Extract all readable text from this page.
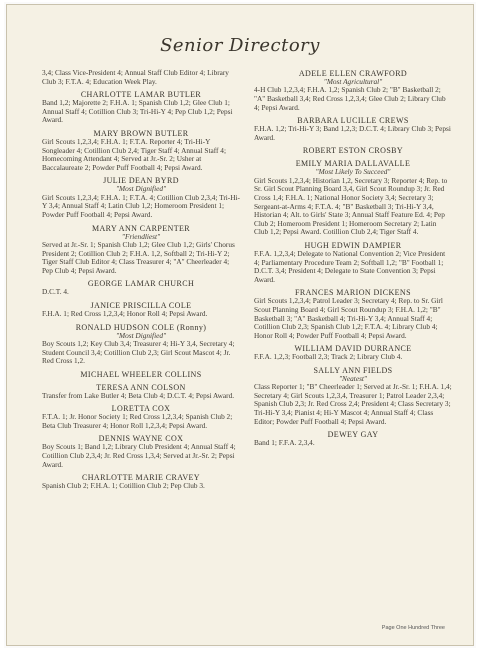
Senior Directory
3,4; Class Vice-President 4; Annual Staff Club Editor 4; Library Club 3; F.T.A. 4; Education Week Play.
CHARLOTTE LAMAR BUTLER
Band 1,2; Majorette 2; F.H.A. 1; Spanish Club 1,2; Glee Club 1; Annual Staff 4; Cotillion Club 3; Tri-Hi-Y 4; Pep Club 1,2; Pepsi Award.
MARY BROWN BUTLER
Girl Scouts 1,2,3,4; F.H.A. 1; F.T.A. Reporter 4; Tri-Hi-Y Songleader 4; Cotillion Club 2,4; Tiger Staff 4; Annual Staff 4; Homecoming Attendant 4; Served at Jr.-Sr. 2; Usher at Baccalaureate 2; Powder Puff Football 4; Pepsi Award.
JULIE DEAN BYRD
"Most Dignified"
Girl Scouts 1,2,3,4; F.H.A. 1; F.T.A. 4; Cotillion Club 2,3,4; Tri-Hi-Y 3,4; Annual Staff 4; Latin Club 1,2; Homeroom President 1; Powder Puff Football 4; Pepsi Award.
MARY ANN CARPENTER
"Friendliest"
Served at Jr.-Sr. 1; Spanish Club 1,2; Glee Club 1,2; Girls' Chorus President 2; Cotillion Club 2; F.H.A. 1,2, Softball 2; Tri-Hi-Y 2; Tiger Staff Club Editor 4; Class Treasurer 4; "A" Cheerleader 4; Pep Club 4; Pepsi Award.
GEORGE LAMAR CHURCH
D.C.T. 4.
JANICE PRISCILLA COLE
F.H.A. 1; Red Cross 1,2,3,4; Honor Roll 4; Pepsi Award.
RONALD HUDSON COLE (Ronny)
"Most Dignified"
Boy Scouts 1,2; Key Club 3,4; Treasurer 4; Hi-Y 3,4, Secretary 4; Student Council 3,4; Cotillion Club 2,3; Girl Scout Mascot 4; Jr. Red Cross 1,2.
MICHAEL WHEELER COLLINS
TERESA ANN COLSON
Transfer from Lake Butler 4; Beta Club 4; D.C.T. 4; Pepsi Award.
LORETTA COX
F.T.A. 1; Jr. Honor Society 1; Red Cross 1,2,3,4; Spanish Club 2; Beta Club Treasurer 4; Honor Roll 1,2,3,4; Pepsi Award.
DENNIS WAYNE COX
Boy Scouts 1; Band 1,2; Library Club President 4; Annual Staff 4; Cotillion Club 2,3,4; Jr. Red Cross 1,3,4; Served at Jr.-Sr. 2; Pepsi Award.
CHARLOTTE MARIE CRAVEY
Spanish Club 2; F.H.A. 1; Cotillion Club 2; Pep Club 3.
ADELE ELLEN CRAWFORD
"Most Agricultural"
4-H Club 1,2,3,4; F.H.A. 1,2; Spanish Club 2; "B" Basketball 2; "A" Basketball 3,4; Red Cross 1,2,3,4; Glee Club 2; Library Club 4; Pepsi Award.
BARBARA LUCILLE CREWS
F.H.A. 1,2; Tri-Hi-Y 3; Band 1,2,3; D.C.T. 4; Library Club 3; Pepsi Award.
ROBERT ESTON CROSBY
EMILY MARIA DALLAVALLE
"Most Likely To Succeed"
Girl Scouts 1,2,3,4; Historian 1,2, Secretary 3; Reporter 4; Rep. to Sr. Girl Scout Planning Board 3,4, Girl Scout Roundup 3; Jr. Red Cross 1,4; F.H.A. 1; National Honor Society 3,4; Secretary 3; Sergeant-at-Arms 4; F.T.A. 4; "B" Basketball 3; Tri-Hi-Y 3,4, Historian 4; Alt. to Girls' State 3; Annual Staff Feature Ed. 4; Pep Club 2; Homeroom President 1; Homeroom Secretary 2; Latin Club 1,2; Pepsi Award. Cotillion Club 2,4; Tiger Staff 4.
HUGH EDWIN DAMPIER
F.F.A. 1,2,3,4; Delegate to National Convention 2; Vice President 4; Parliamentary Procedure Team 2; Softball 1,2; "B" Football 1; D.C.T. 3,4; President 4; Delegate to State Convention 3; Pepsi Award.
FRANCES MARION DICKENS
Girl Scouts 1,2,3,4; Patrol Leader 3; Secretary 4; Rep. to Sr. Girl Scout Planning Board 4; Girl Scout Roundup 3; F.H.A. 1,2; "B" Basketball 3; "A" Basketball 4; Tri-Hi-Y 3,4; Annual Staff 4; Cotillion Club 2,3; Spanish Club 1,2; F.T.A. 4; Library Club 4; Honor Roll 4; Powder Puff Football 4; Pepsi Award.
WILLIAM DAVID DURRANCE
F.F.A. 1,2,3; Football 2,3; Track 2; Library Club 4.
SALLY ANN FIELDS
"Neatest"
Class Reporter 1; "B" Cheerleader 1; Served at Jr.-Sr. 1; F.H.A. 1,4; Secretary 4; Girl Scouts 1,2,3,4, Treasurer 1; Patrol Leader 2,3,4; Spanish Club 2,3; Jr. Red Cross 2,4; President 4; Class Secretary 3; Tri-Hi-Y 3,4; Pianist 4; Hi-Y Mascot 4; Annual Staff 4; Class Editor; Powder Puff Football 4; Pepsi Award.
DEWEY GAY
Band 1; F.F.A. 2,3,4.
Page One Hundred Three
